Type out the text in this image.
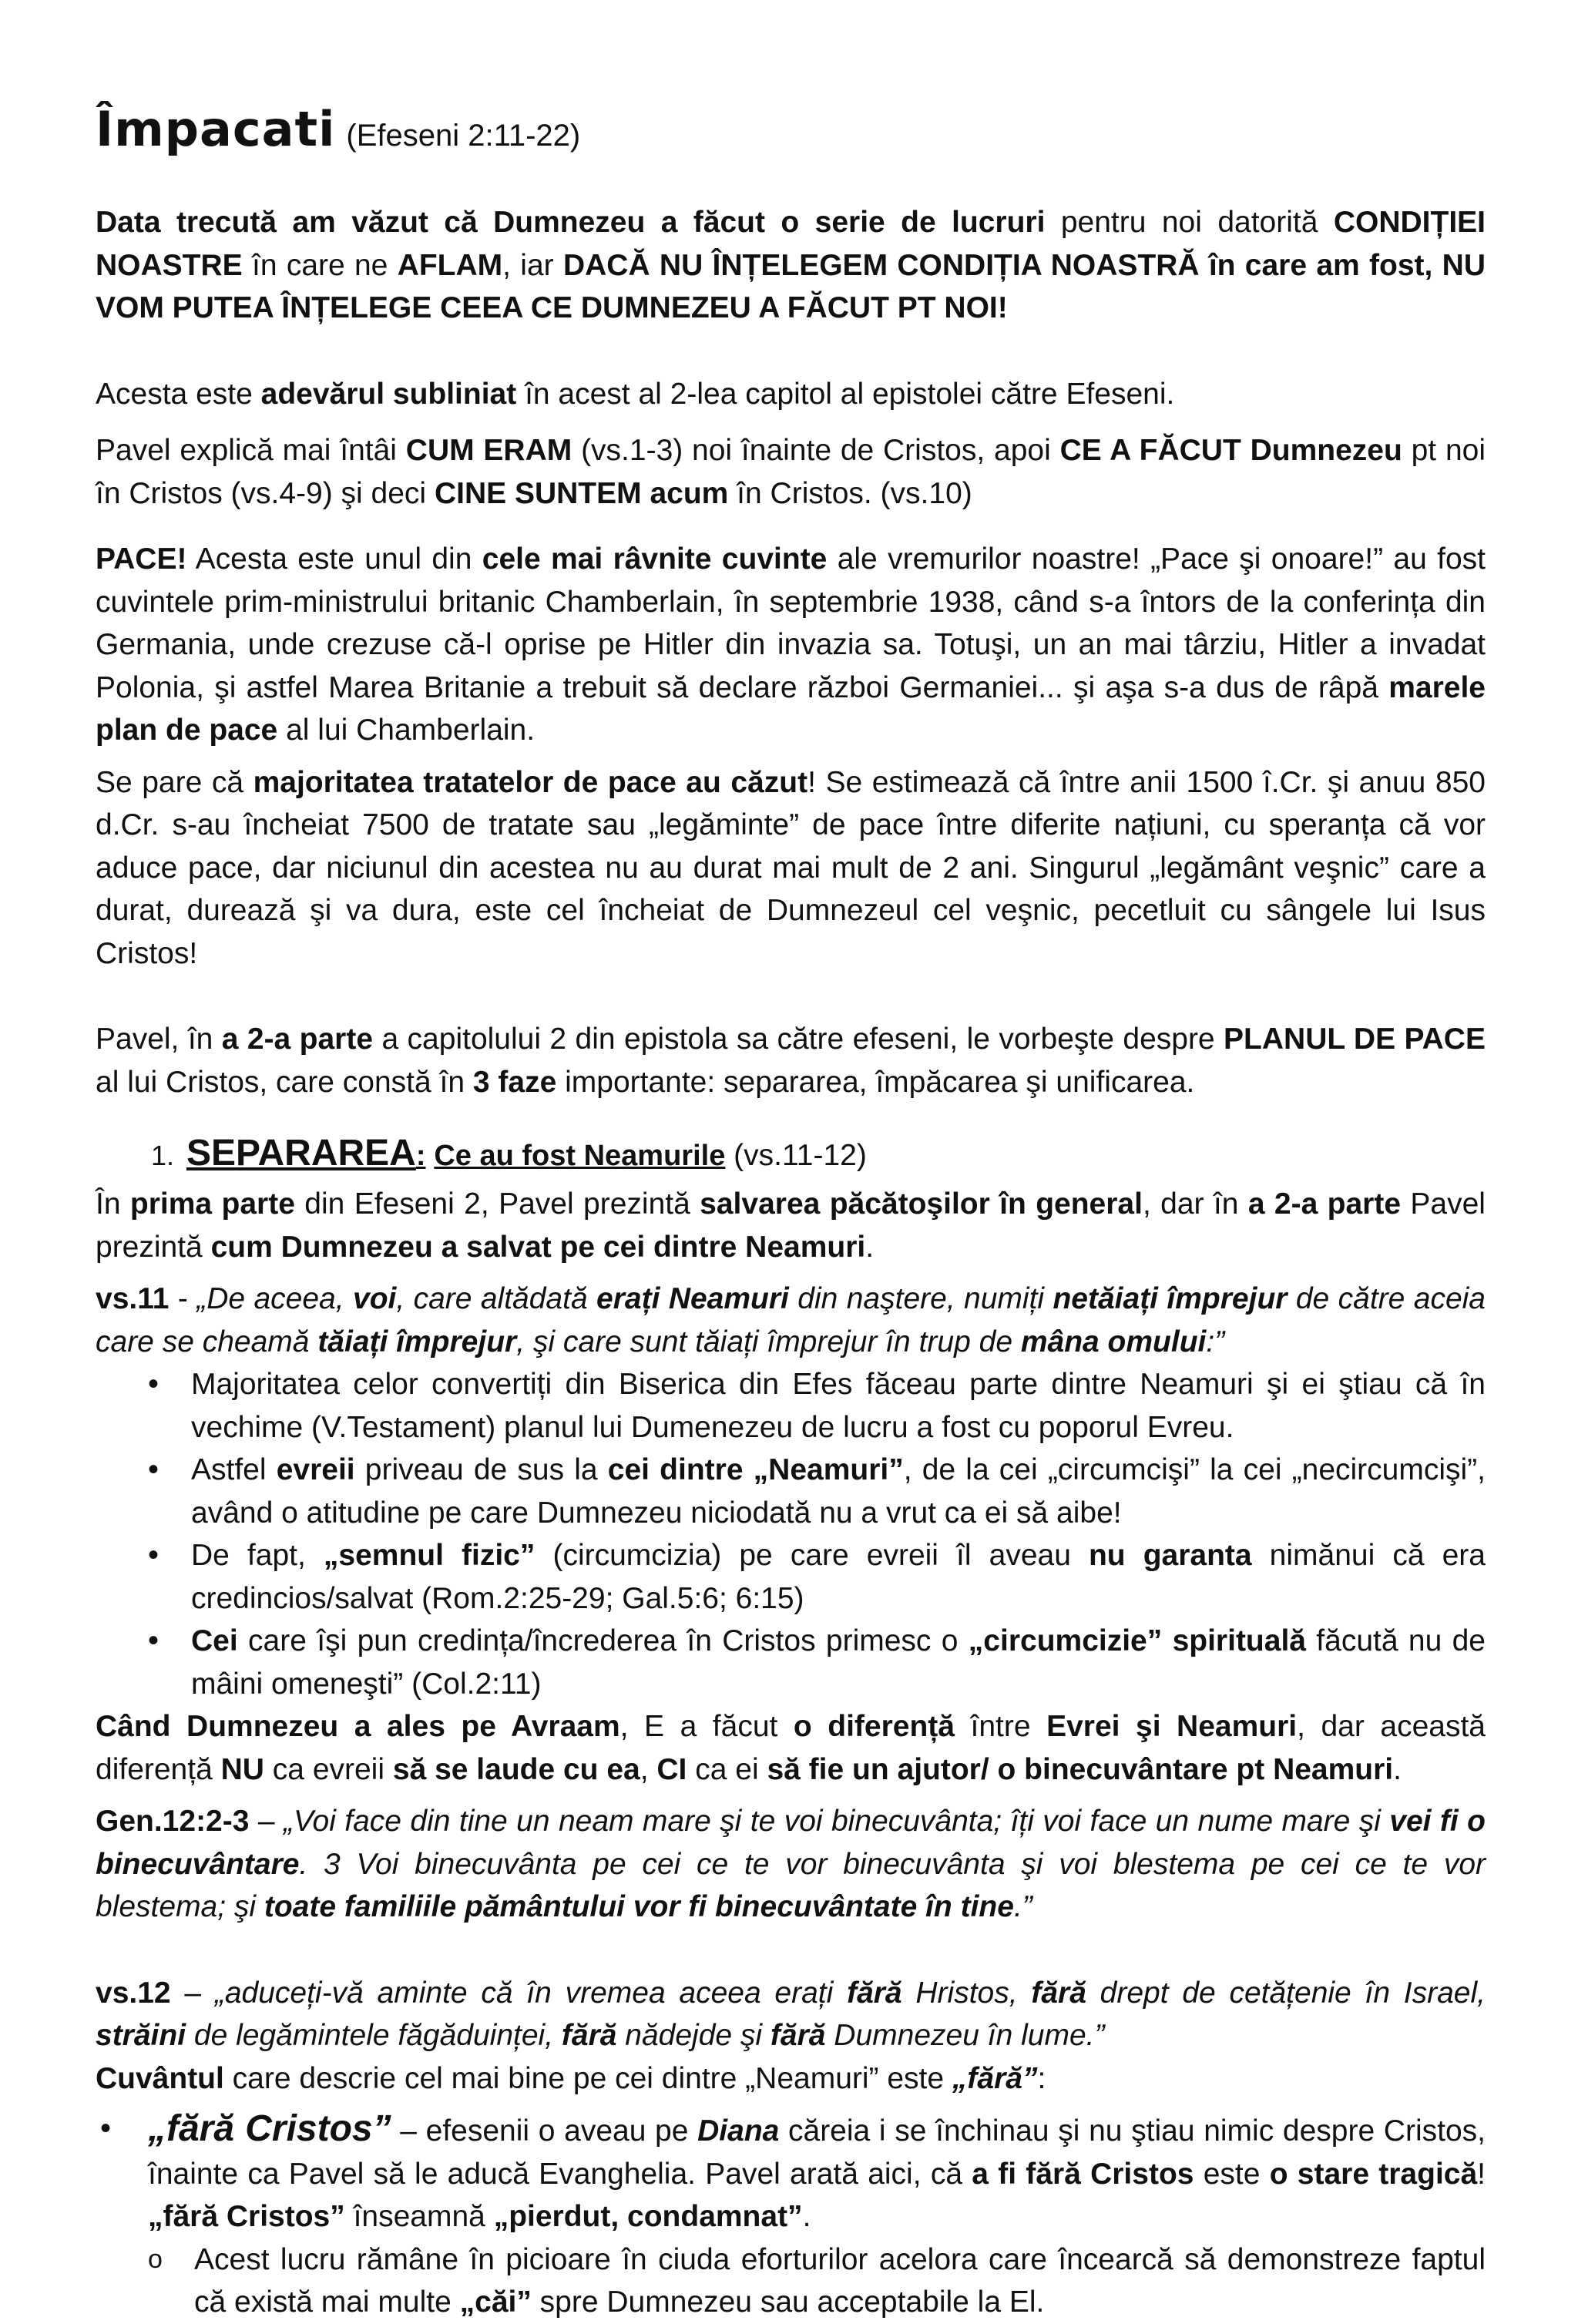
Împacati (Efeseni 2:11-22)

Data trecută am văzut că Dumnezeu a făcut o serie de lucruri pentru noi datorită CONDIȚIEI NOASTRE în care ne AFLAM, iar DACĂ NU ÎNȚELEGEM CONDIȚIA NOASTRĂ în care am fost, NU VOM PUTEA ÎNȚELEGE CEEA CE DUMNEZEU A FĂCUT PT NOI!

Acesta este adevărul subliniat în acest al 2-lea capitol al epistolei către Efeseni.

Pavel explică mai întâi CUM ERAM (vs.1-3) noi înainte de Cristos, apoi CE A FĂCUT Dumnezeu pt noi în Cristos (vs.4-9) şi deci CINE SUNTEM acum în Cristos. (vs.10)

PACE! Acesta este unul din cele mai râvnite cuvinte ale vremurilor noastre! „Pace şi onoare!” au fost cuvintele prim-ministrului britanic Chamberlain, în septembrie 1938, când s-a întors de la conferința din Germania, unde crezuse că-l oprise pe Hitler din invazia sa. Totuşi, un an mai târziu, Hitler a invadat Polonia, şi astfel Marea Britanie a trebuit să declare război Germaniei... şi aşa s-a dus de râpă marele plan de pace al lui Chamberlain.

Se pare că majoritatea tratatelor de pace au căzut! Se estimează că între anii 1500 î.Cr. şi anuu 850 d.Cr. s-au încheiat 7500 de tratate sau „legăminte” de pace între diferite națiuni, cu speranța că vor aduce pace, dar niciunul din acestea nu au durat mai mult de 2 ani. Singurul „legământ veşnic” care a durat, durează şi va dura, este cel încheiat de Dumnezeul cel veşnic, pecetluit cu sângele lui Isus Cristos!

Pavel, în a 2-a parte a capitolului 2 din epistola sa către efeseni, le vorbeşte despre PLANUL DE PACE al lui Cristos, care constă în 3 faze importante: separarea, împăcarea şi unificarea.

1. SEPARAREA: Ce au fost Neamurile (vs.11-12)

În prima parte din Efeseni 2, Pavel prezintă salvarea păcătoşilor în general, dar în a 2-a parte Pavel prezintă cum Dumnezeu a salvat pe cei dintre Neamuri.

vs.11 - „De aceea, voi, care altădată erați Neamuri din naştere, numiți netăiați împrejur de către aceia care se cheamă tăiați împrejur, şi care sunt tăiați împrejur în trup de mâna omului:”

• Majoritatea celor convertiți din Biserica din Efes făceau parte dintre Neamuri şi ei ştiau că în vechime (V.Testament) planul lui Dumenezeu de lucru a fost cu poporul Evreu.
• Astfel evreii priveau de sus la cei dintre „Neamuri”, de la cei „circumcişi” la cei „necircumcişi”, având o atitudine pe care Dumnezeu niciodată nu a vrut ca ei să aibe!
• De fapt, „semnul fizic” (circumcizia) pe care evreii îl aveau nu garanta nimănui că era credincios/salvat (Rom.2:25-29; Gal.5:6; 6:15)
• Cei care îşi pun credința/încrederea în Cristos primesc o „circumcizie” spirituală făcută nu de mâini omeneşti” (Col.2:11)

Când Dumnezeu a ales pe Avraam, E a făcut o diferență între Evrei şi Neamuri, dar această diferență NU ca evreii să se laude cu ea, CI ca ei să fie un ajutor/ o binecuvântare pt Neamuri.

Gen.12:2-3 – „Voi face din tine un neam mare şi te voi binecuvânta; îți voi face un nume mare şi vei fi o binecuvântare. 3 Voi binecuvânta pe cei ce te vor binecuvânta şi voi blestema pe cei ce te vor blestema; şi toate familiile pământului vor fi binecuvântate în tine.”

vs.12 – „aduceți-vă aminte că în vremea aceea erați fără Hristos, fără drept de cetățenie în Israel, străini de legămintele făgăduinței, fără nădejde şi fără Dumnezeu în lume.”

Cuvântul care descrie cel mai bine pe cei dintre „Neamuri” este „fără”:

• „fără Cristos” – efesenii o aveau pe Diana căreia i se închinau şi nu ştiau nimic despre Cristos, înainte ca Pavel să le aducă Evanghelia. Pavel arată aici, că a fi fără Cristos este o stare tragică! „fără Cristos” înseamnă „pierdut, condamnat”.
o Acest lucru rămâne în picioare în ciuda eforturilor acelora care încearcă să demonstreze faptul că există mai multe „căi” spre Dumnezeu sau acceptabile la El.
